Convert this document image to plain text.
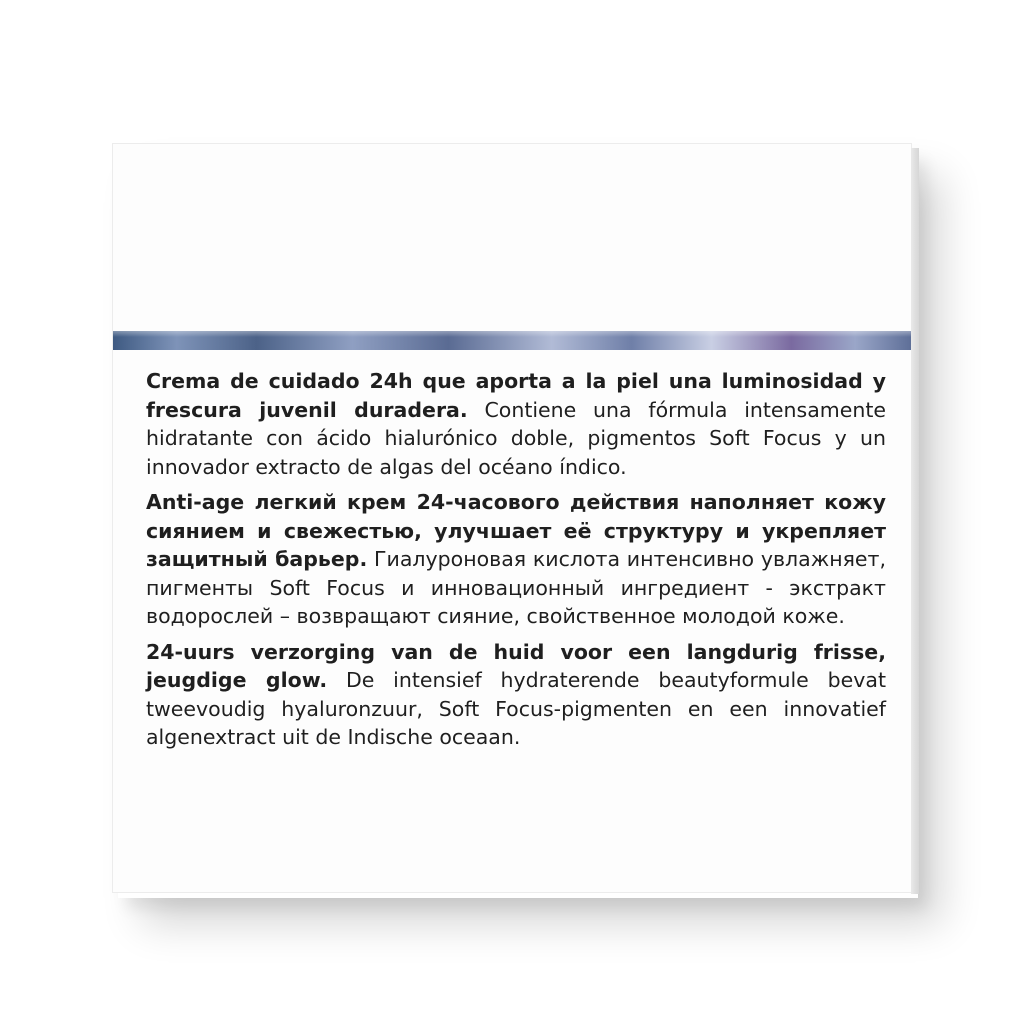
Crema de cuidado 24h que aporta a la piel una luminosidad y frescura juvenil duradera. Contiene una fórmula intensamente hidratante con ácido hialurónico doble, pigmentos Soft Focus y un innovador extracto de algas del océano índico.

Anti-age легкий крем 24-часового действия наполняет кожу сиянием и свежестью, улучшает её структуру и укрепляет защитный барьер. Гиалуроновая кислота интенсивно увлажняет, пигменты Soft Focus и инновационный ингредиент - экстракт водорослей – возвращают сияние, свойственное молодой коже.

24-uurs verzorging van de huid voor een langdurig frisse, jeugdige glow. De intensief hydraterende beautyformule bevat tweevoudig hyaluronzuur, Soft Focus-pigmenten en een innovatief algenextract uit de Indische oceaan.
